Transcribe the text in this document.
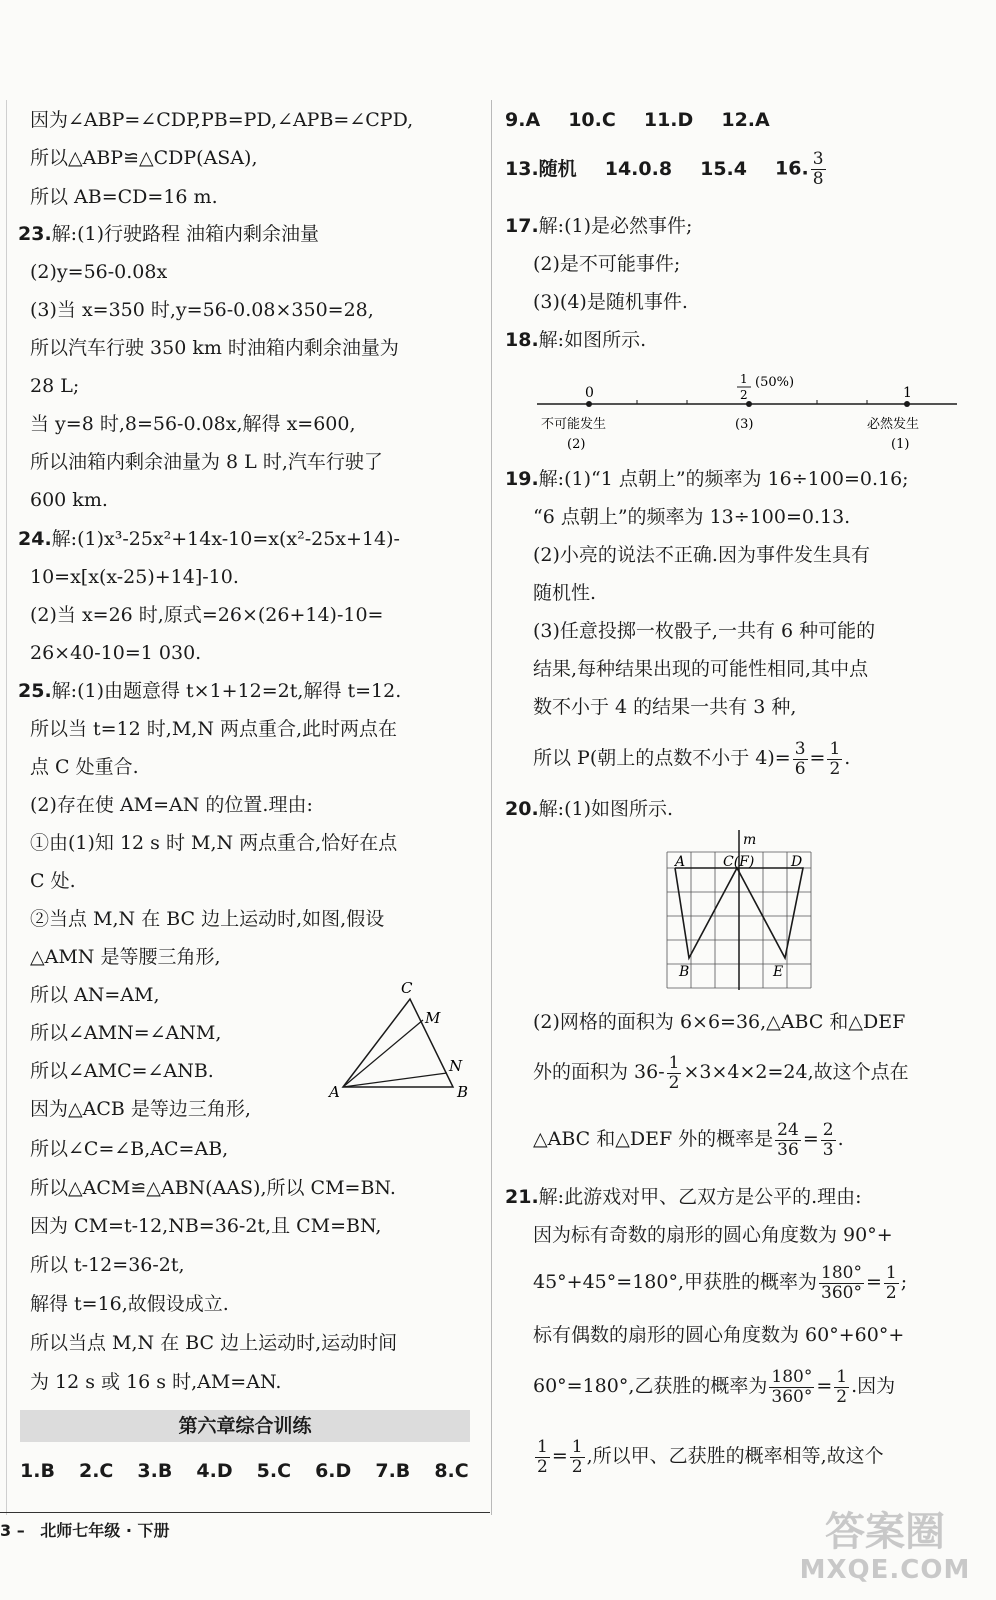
因为∠ABP=∠CDP,PB=PD,∠APB=∠CPD,
所以△ABP≌△CDP(ASA),
所以 AB=CD=16 m.
23.解:(1)行驶路程 油箱内剩余油量
(2)y=56-0.08x
(3)当 x=350 时,y=56-0.08×350=28,
所以汽车行驶 350 km 时油箱内剩余油量为
28 L;
当 y=8 时,8=56-0.08x,解得 x=600,
所以油箱内剩余油量为 8 L 时,汽车行驶了
600 km.
24.解:(1)x³-25x²+14x-10=x(x²-25x+14)-
10=x[x(x-25)+14]-10.
(2)当 x=26 时,原式=26×(26+14)-10=
26×40-10=1 030.
25.解:(1)由题意得 t×1+12=2t,解得 t=12.
所以当 t=12 时,M,N 两点重合,此时两点在
点 C 处重合.
(2)存在使 AM=AN 的位置.理由:
①由(1)知 12 s 时 M,N 两点重合,恰好在点
C 处.
②当点 M,N 在 BC 边上运动时,如图,假设
△AMN 是等腰三角形,
所以 AN=AM,
所以∠AMN=∠ANM,
所以∠AMC=∠ANB.
因为△ACB 是等边三角形,
所以∠C=∠B,AC=AB,
所以△ACM≌△ABN(AAS),所以 CM=BN.
因为 CM=t-12,NB=36-2t,且 CM=BN,
所以 t-12=36-2t,
解得 t=16,故假设成立.
所以当点 M,N 在 BC 边上运动时,运动时间
为 12 s 或 16 s 时,AM=AN.
C
M
N
A	B
第六章综合训练
1.B 2.C 3.B 4.D 5.C 6.D 7.B 8.C
3 – 北师七年级 · 下册
9.A 10.C 11.D 12.A
13.随机 14.0.8 15.4 16. $\frac{3}{8}$
17.解:(1)是必然事件;
(2)是不可能事件;
(3)(4)是随机事件.
18.解:如图所示.
0
1
2
(50%)
1
不可能发生
(2)
(3)	必然发生
(1)
19.解:(1)“1 点朝上”的频率为 16÷100=0.16;
“6 点朝上”的频率为 13÷100=0.13.
(2)小亮的说法不正确.因为事件发生具有
随机性.
(3)任意投掷一枚骰子,一共有 6 种可能的
结果,每种结果出现的可能性相同,其中点
数不小于 4 的结果一共有 3 种,
所以 P(朝上的点数不小于 $4)= \frac{3}{6} = \frac{1}{2}$ .
20.解:(1)如图所示.
m
A	C(F)	D
B	E
(2)网格的面积为 6×6=36,△ABC 和△DEF
外的面积为 $36- \frac{1}{2} \times 3\times 4\times 2=24$,故这个点在
△ABC 和△DEF 外的概率是 $\frac{24}{36} = \frac{2}{3}$ .
21.解:此游戏对甲、乙双方是公平的.理由:
因为标有奇数的扇形的圆心角度数为 90°+
45°+45°=180°,甲获胜的概率为 $\frac{180^\circ}{360^\circ} = \frac{1}{2}$ ;
标有偶数的扇形的圆心角度数为 60°+60°+
60°=180°,乙获胜的概率为 $\frac{180^\circ}{360^\circ} = \frac{1}{2}$ .因为
$\frac{1}{2} = \frac{1}{2}$ ,所以甲、乙获胜的概率相等,故这个
答案圈
MXQE.COM
